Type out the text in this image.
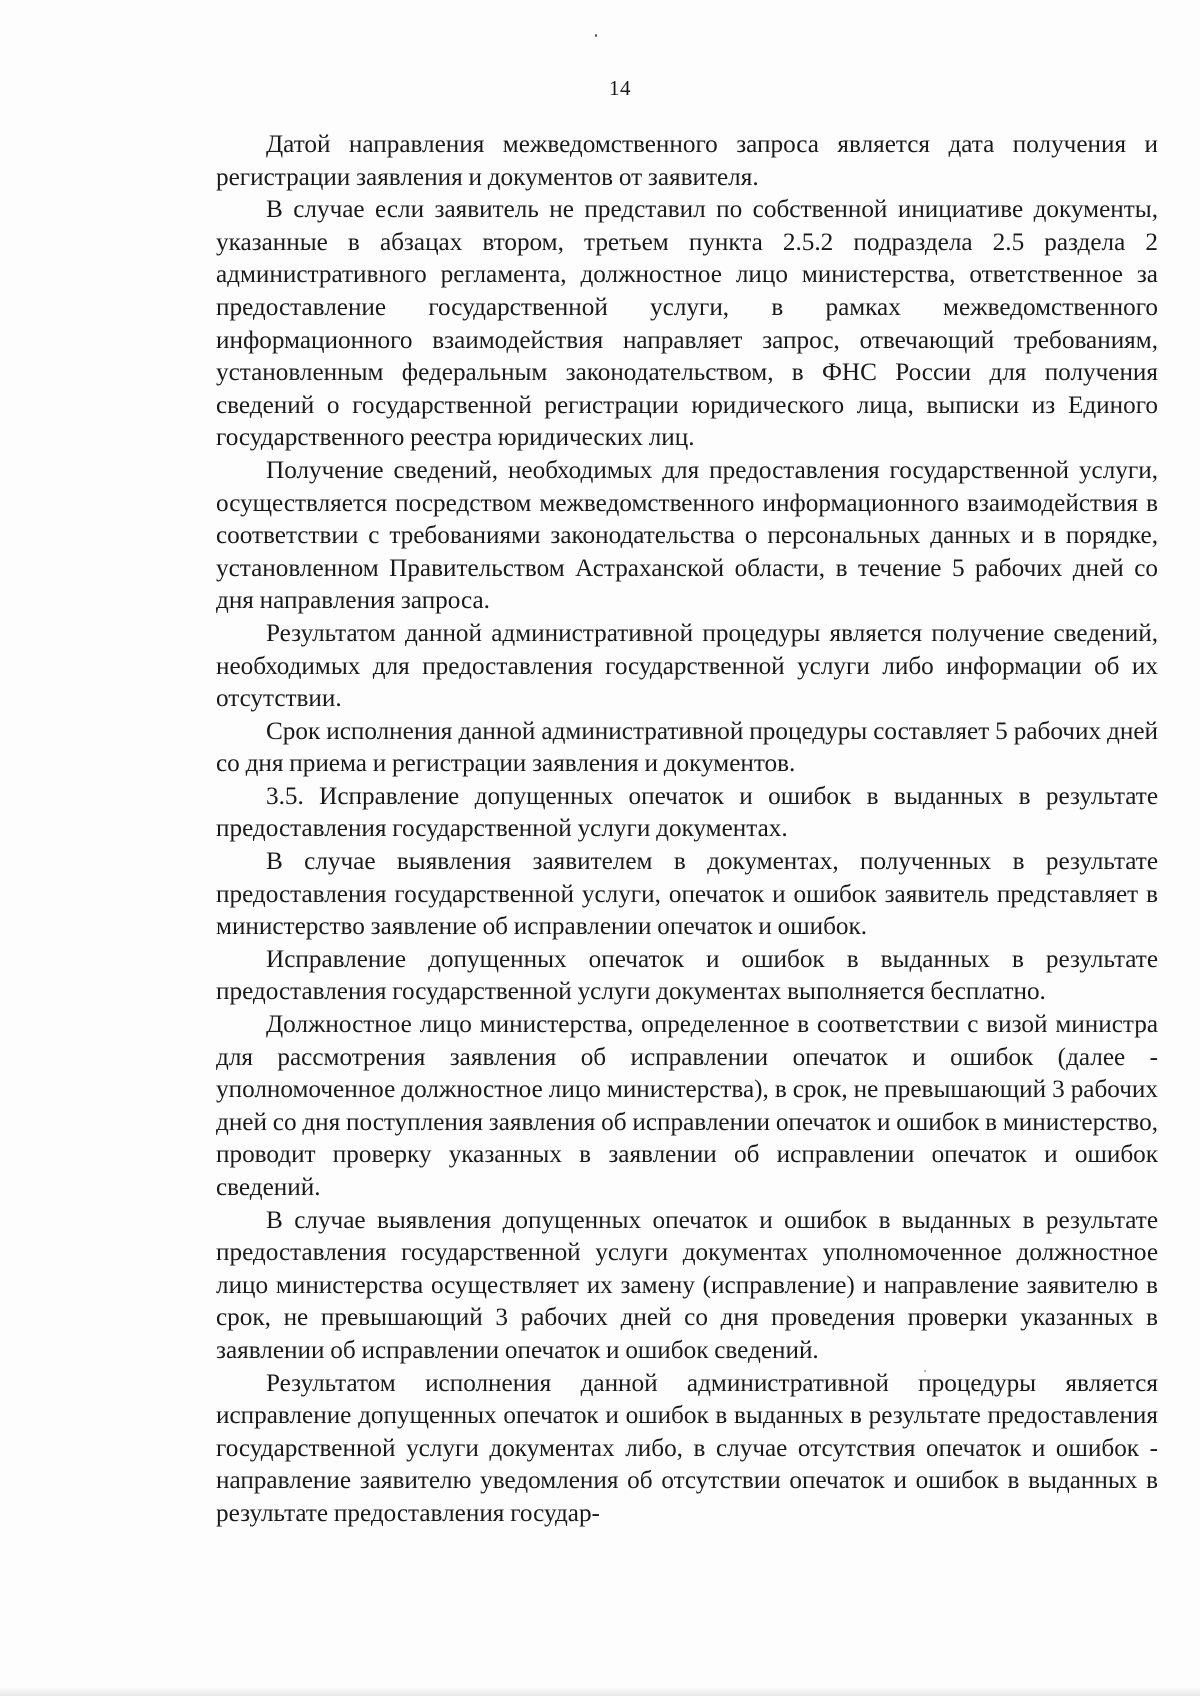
14

Датой направления межведомственного запроса является дата получения и регистрации заявления и документов от заявителя.

В случае если заявитель не представил по собственной инициативе документы, указанные в абзацах втором, третьем пункта 2.5.2 подраздела 2.5 раздела 2 административного регламента, должностное лицо министерства, ответственное за предоставление государственной услуги, в рамках межведомственного информационного взаимодействия направляет запрос, отвечающий требованиям, установленным федеральным законодательством, в ФНС России для получения сведений о государственной регистрации юридического лица, выписки из Единого государственного реестра юридических лиц.

Получение сведений, необходимых для предоставления государственной услуги, осуществляется посредством межведомственного информационного взаимодействия в соответствии с требованиями законодательства о персональных данных и в порядке, установленном Правительством Астраханской области, в течение 5 рабочих дней со дня направления запроса.

Результатом данной административной процедуры является получение сведений, необходимых для предоставления государственной услуги либо информации об их отсутствии.

Срок исполнения данной административной процедуры составляет 5 рабочих дней со дня приема и регистрации заявления и документов.

3.5. Исправление допущенных опечаток и ошибок в выданных в результате предоставления государственной услуги документах.

В случае выявления заявителем в документах, полученных в результате предоставления государственной услуги, опечаток и ошибок заявитель представляет в министерство заявление об исправлении опечаток и ошибок.

Исправление допущенных опечаток и ошибок в выданных в результате предоставления государственной услуги документах выполняется бесплатно.

Должностное лицо министерства, определенное в соответствии с визой министра для рассмотрения заявления об исправлении опечаток и ошибок (далее - уполномоченное должностное лицо министерства), в срок, не превышающий 3 рабочих дней со дня поступления заявления об исправлении опечаток и ошибок в министерство, проводит проверку указанных в заявлении об исправлении опечаток и ошибок сведений.

В случае выявления допущенных опечаток и ошибок в выданных в результате предоставления государственной услуги документах уполномоченное должностное лицо министерства осуществляет их замену (исправление) и направление заявителю в срок, не превышающий 3 рабочих дней со дня проведения проверки указанных в заявлении об исправлении опечаток и ошибок сведений.

Результатом исполнения данной административной процедуры является исправление допущенных опечаток и ошибок в выданных в результате предоставления государственной услуги документах либо, в случае отсутствия опечаток и ошибок - направление заявителю уведомления об отсутствии опечаток и ошибок в выданных в результате предоставления государ-
